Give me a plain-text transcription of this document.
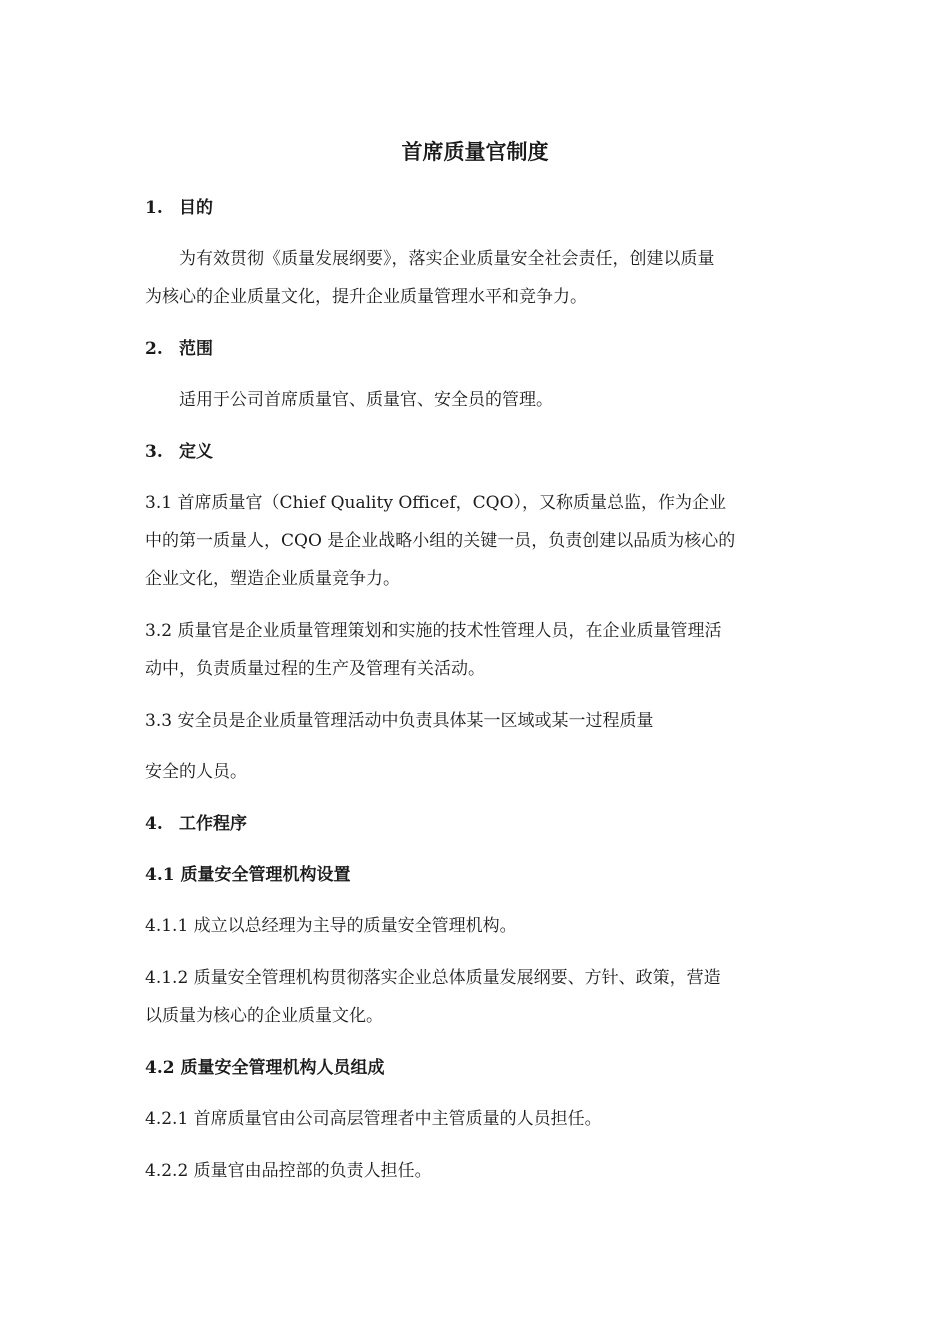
首席质量官制度
1. 目的
为有效贯彻《质量发展纲要》，落实企业质量安全社会责任，创建以质量
为核心的企业质量文化，提升企业质量管理水平和竞争力。
2. 范围
适用于公司首席质量官、质量官、安全员的管理。
3. 定义
3.1 首席质量官（Chief Quality Officef，CQO），又称质量总监，作为企业
中的第一质量人，CQO 是企业战略小组的关键一员，负责创建以品质为核心的
企业文化，塑造企业质量竞争力。
3.2 质量官是企业质量管理策划和实施的技术性管理人员，在企业质量管理活
动中，负责质量过程的生产及管理有关活动。
3.3 安全员是企业质量管理活动中负责具体某一区域或某一过程质量
安全的人员。
4. 工作程序
4.1 质量安全管理机构设置
4.1.1 成立以总经理为主导的质量安全管理机构。
4.1.2 质量安全管理机构贯彻落实企业总体质量发展纲要、方针、政策，营造
以质量为核心的企业质量文化。
4.2 质量安全管理机构人员组成
4.2.1 首席质量官由公司高层管理者中主管质量的人员担任。
4.2.2 质量官由品控部的负责人担任。
